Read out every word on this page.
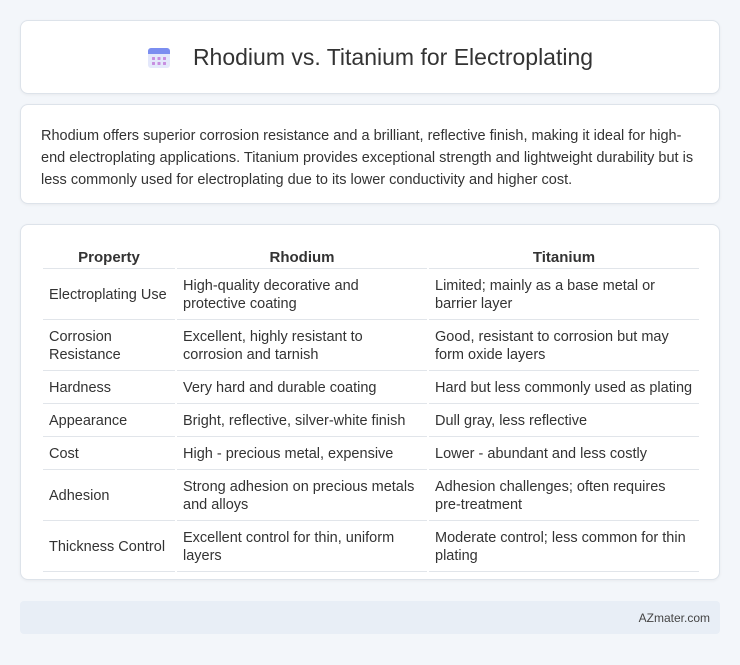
Rhodium vs. Titanium for Electroplating

Rhodium offers superior corrosion resistance and a brilliant, reflective finish, making it ideal for high-end electroplating applications. Titanium provides exceptional strength and lightweight durability but is less commonly used for electroplating due to its lower conductivity and higher cost.

Property	Rhodium	Titanium
Electroplating Use	High-quality decorative and protective coating	Limited; mainly as a base metal or barrier layer
Corrosion Resistance	Excellent, highly resistant to corrosion and tarnish	Good, resistant to corrosion but may form oxide layers
Hardness	Very hard and durable coating	Hard but less commonly used as plating
Appearance	Bright, reflective, silver-white finish	Dull gray, less reflective
Cost	High - precious metal, expensive	Lower - abundant and less costly
Adhesion	Strong adhesion on precious metals and alloys	Adhesion challenges; often requires pre-treatment
Thickness Control	Excellent control for thin, uniform layers	Moderate control; less common for thin plating
AZmater.com
